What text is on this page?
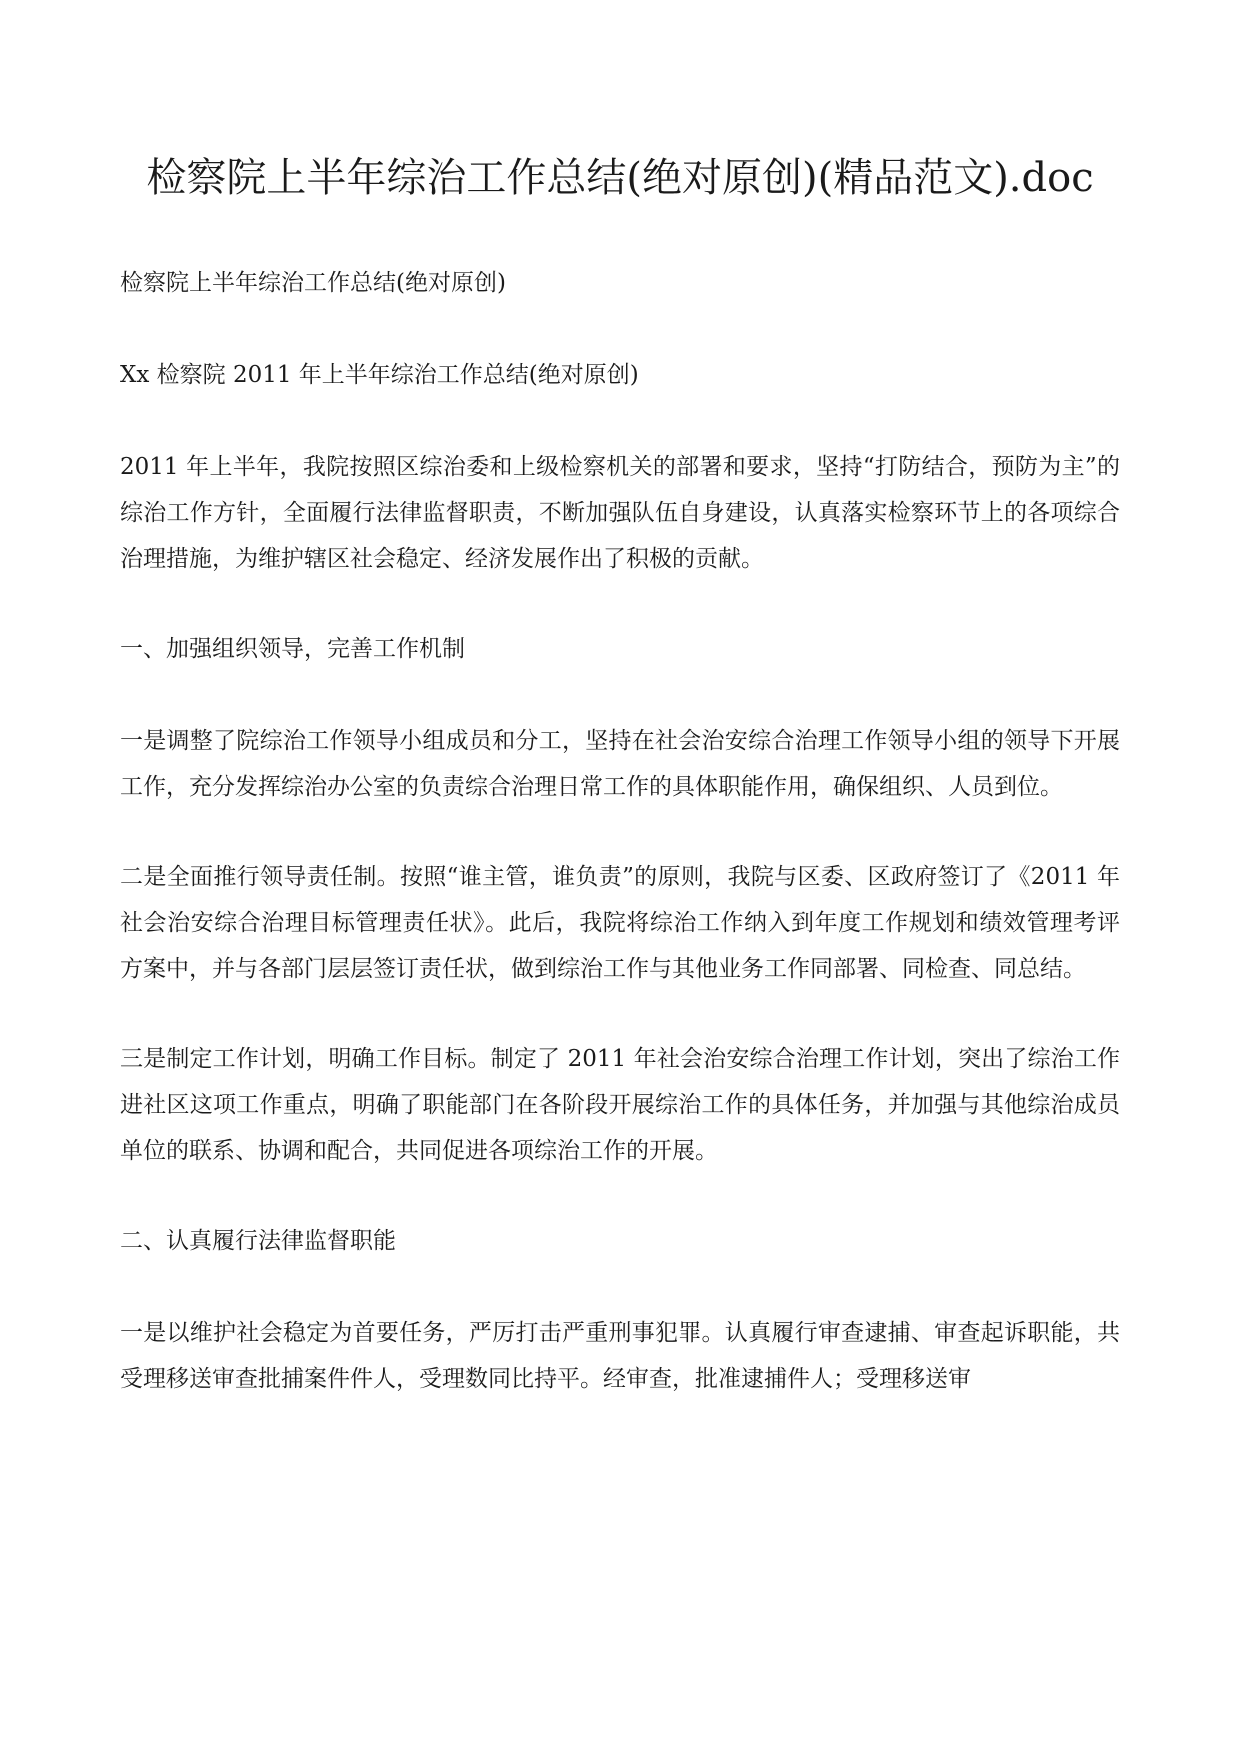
检察院上半年综治工作总结(绝对原创)(精品范文).doc

检察院上半年综治工作总结(绝对原创)

Xx 检察院 2011 年上半年综治工作总结(绝对原创)

2011 年上半年，我院按照区综治委和上级检察机关的部署和要求，坚持“打防结合，预防为主”的综治工作方针，全面履行法律监督职责，不断加强队伍自身建设，认真落实检察环节上的各项综合治理措施，为维护辖区社会稳定、经济发展作出了积极的贡献。

一、加强组织领导，完善工作机制

一是调整了院综治工作领导小组成员和分工，坚持在社会治安综合治理工作领导小组的领导下开展工作，充分发挥综治办公室的负责综合治理日常工作的具体职能作用，确保组织、人员到位。

二是全面推行领导责任制。按照“谁主管，谁负责”的原则，我院与区委、区政府签订了《2011 年社会治安综合治理目标管理责任状》。此后，我院将综治工作纳入到年度工作规划和绩效管理考评方案中，并与各部门层层签订责任状，做到综治工作与其他业务工作同部署、同检查、同总结。

三是制定工作计划，明确工作目标。制定了 2011 年社会治安综合治理工作计划，突出了综治工作进社区这项工作重点，明确了职能部门在各阶段开展综治工作的具体任务，并加强与其他综治成员单位的联系、协调和配合，共同促进各项综治工作的开展。

二、认真履行法律监督职能

一是以维护社会稳定为首要任务，严厉打击严重刑事犯罪。认真履行审查逮捕、审查起诉职能，共受理移送审查批捕案件件人，受理数同比持平。经审查，批准逮捕件人；受理移送审
